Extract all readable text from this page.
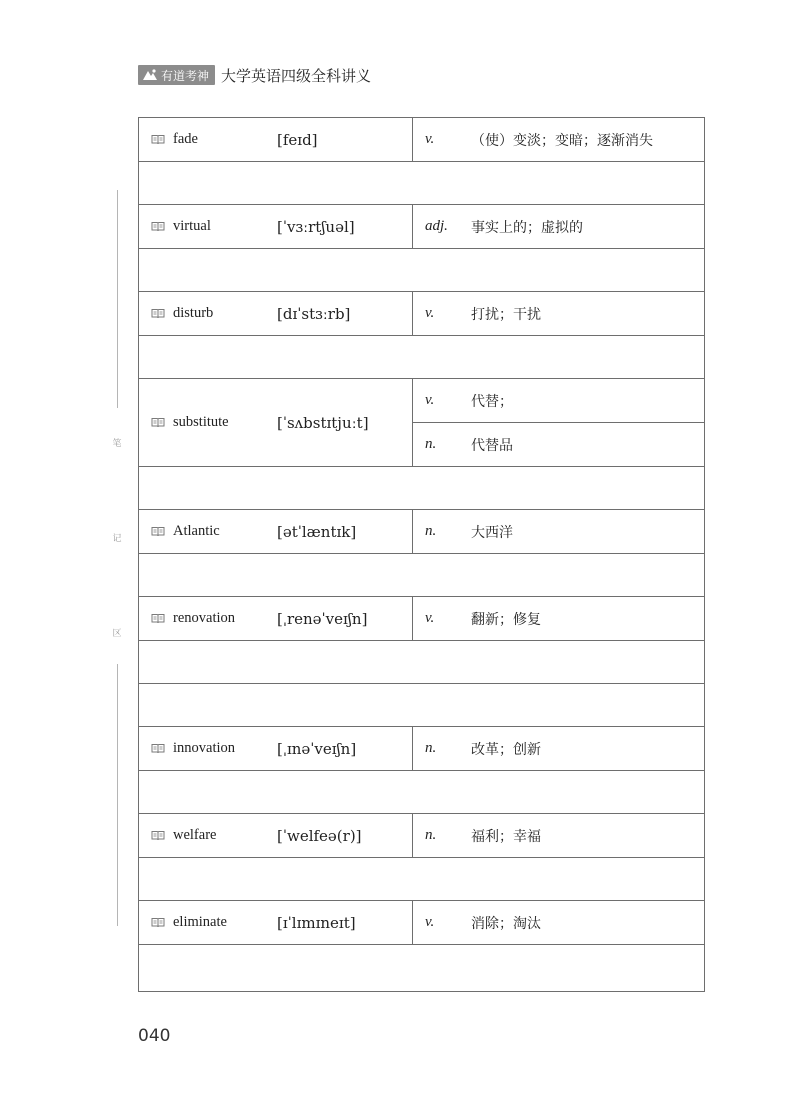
有道考神 大学英语四级全科讲义
笔
记
区
fade [feɪd]	v. （使）变淡；变暗；逐渐消失

virtual [ˈvɜːrtʃuəl]	adj. 事实上的；虚拟的

disturb [dɪˈstɜːrb]	v. 打扰；干扰

substitute [ˈsʌbstɪtjuːt]	v. 代替；

	n. 代替品

Atlantic [ətˈlæntɪk]	n. 大西洋

renovation [ˌrenəˈveɪʃn]	v. 翻新；修复

innovation [ˌɪnəˈveɪʃn]	n. 改革；创新

welfare [ˈwelfeə(r)]	n. 福利；幸福

eliminate [ɪˈlɪmɪneɪt]	v. 消除；淘汰

040
